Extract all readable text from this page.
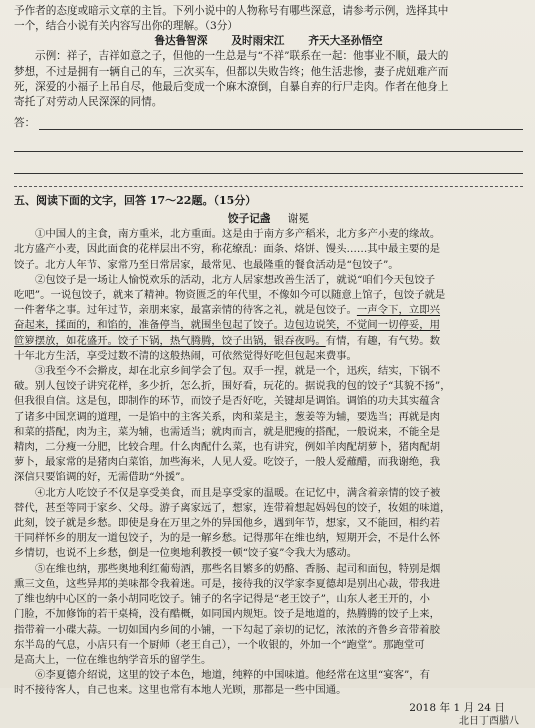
予作者的态度或暗示文章的主旨。下列小说中的人物称号有哪些深意，请参考示例，选择其中
一个，结合小说有关内容写出你的理解。（3分）
鲁达鲁智深 及时雨宋江 齐天大圣孙悟空
示例：祥子，吉祥如意之子，但他的一生总是与“不祥”联系在一起：他事业不顺，最大的
梦想，不过是拥有一辆自己的车，三次买车，但都以失败告终；他生活悲惨，妻子虎妞难产而
死，深爱的小福子上吊自尽，他最后变成一个麻木潦倒，自暴自弃的行尸走肉。作者在他身上
寄托了对劳动人民深深的同情。
答：
五、阅读下面的文字，回答 17～22题。（15分）
饺子记盏 谢冕
①中国人的主食，南方重米，北方重面。这是由于南方多产稻米，北方多产小麦的缘故。
北方盛产小麦，因此面食的花样层出不穷，称花缭乱：面条、烙饼、馒头……其中最主要的是
饺子。北方人年节、家常乃至日常居家，最常见、也最隆重的餐食活动是“包饺子”。
②包饺子是一场让人愉悦欢乐的活动，北方人居家想改善生活了，就说“咱们今天包饺子
吃吧”。一说包饺子，就来了精神。物资匮乏的年代里，不像如今可以随意上馆子，包饺子就是
一件奢华之事。过年过节，亲朋来家，最富亲情的待客之礼，就是包饺子。一声令下，立即兴
奋起来，揉面的，和馅的，准备停当，就围坐包起了饺子。边包边说笑，不觉间一切停妥，用
笸箩摆放，如花盛开。饺子下锅，热气腾腾，饺子出锅，银吞夜吗。有情，有趣，有气势。数
十年北方生活，享受过数不清的这般热闹，可依然觉得好吃但包起来费事。
③我至今不会擀皮，却在北京乡间学会了包。双手一捏，就是一个，迅疾，结实，下锅不
破。别人包饺子讲究花样，多少折，怎么折，围好看，玩花的。据说我的包的饺子“其貌不扬”，
但我很自信。这是包，即制作的环节，而饺子是否好吃，关键却是调馅。调馅的功夫其实蕴含
了诸多中国烹调的道理，一是馅中的主客关系，肉和菜是主，葱姜等为辅，要选当；再就是肉
和菜的搭配，肉为主，菜为辅，也需适当；就肉而言，就是肥瘦的搭配，一般说来，不能全是
精肉，二分瘦一分肥，比较合理。什么肉配什么菜，也有讲究，例如羊肉配胡萝卜，猪肉配胡
萝卜，最家常的是猪肉白菜馅，加些海米，人见人爱。吃饺子，一般人爱蘸醋，而我谢绝，我
深信只要馅调的好，无需借助“外援”。
④北方人吃饺子不仅是享受美食，而且是享受家的温暖。在记忆中，满含着亲情的饺子被
替代，甚至等同于家乡、父母。游子离家远了，想家，连带着想起妈妈包的饺子，妆姐的味道，
此刻，饺子就是乡愁。即使是身在万里之外的异国他乡，遇到年节，想家，又不能回，相约若
干同样怀乡的朋友一道包饺子，为的是一解乡愁。记得那年在维也纳，短期开会，不是什么怀
乡情切，也说不上乡愁，倒是一位奥地利教授一顿“饺子宴”令我大为感动。
⑤在维也纳，那些奥地利红葡萄酒，那些名目繁多的奶酪、香肠、起司和面包，特别是烟
熏三文鱼，这些异邦的美味都令我着迷。可是，接待我的汉学家李夏德却是别出心裁，带我进
了维也纳中心区的一条小胡同吃饺子。铺子的名字记得是“老王饺子”，山东人老王开的，小
门脸，不加修饰的若干桌椅，没有酷概，如同国内规矩。饺子是地道的，热腾腾的饺子上来，
指带着一小碟大蒜。一切如国内乡间的小铺，一下勾起了亲切的记忆，浓浓的齐鲁乡音带着胶
东半岛的气息，小店只有一个厨师（老王自己），一个收银的，外加一个“跑堂”。那跑堂可
是高大上，一位在维也纳学音乐的留学生。
⑥李夏德介绍说，这里的饺子本色，地道，纯粹的中国味道。他经常在这里“宴客”，有
时不接待客人，自己也来。这里也常有本地人光顾，那都是一些中国通。
2018 年 1 月 24 日
北日丁酉腊八
